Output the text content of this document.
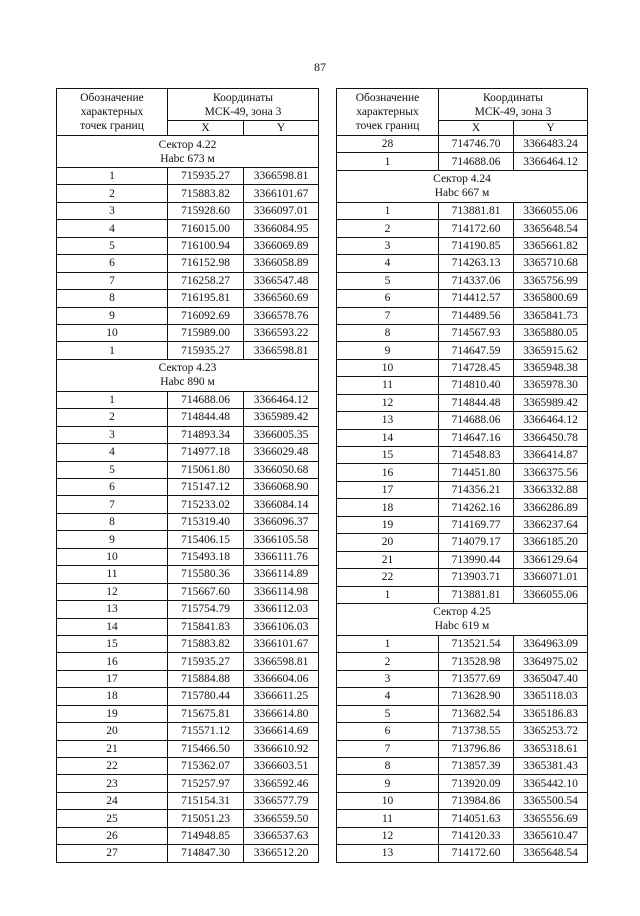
87
Обозначение
характерных
точек границ	Координаты
МСК-49, зона 3	
	X	Y
Сектор 4.22
Нabc 673 м		
1	715935.27	3366598.81
2	715883.82	3366101.67
3	715928.60	3366097.01
4	716015.00	3366084.95
5	716100.94	3366069.89
6	716152.98	3366058.89
7	716258.27	3366547.48
8	716195.81	3366560.69
9	716092.69	3366578.76
10	715989.00	3366593.22
1	715935.27	3366598.81
Сектор 4.23
Нabc 890 м		
1	714688.06	3366464.12
2	714844.48	3365989.42
3	714893.34	3366005.35
4	714977.18	3366029.48
5	715061.80	3366050.68
6	715147.12	3366068.90
7	715233.02	3366084.14
8	715319.40	3366096.37
9	715406.15	3366105.58
10	715493.18	3366111.76
11	715580.36	3366114.89
12	715667.60	3366114.98
13	715754.79	3366112.03
14	715841.83	3366106.03
15	715883.82	3366101.67
16	715935.27	3366598.81
17	715884.88	3366604.06
18	715780.44	3366611.25
19	715675.81	3366614.80
20	715571.12	3366614.69
21	715466.50	3366610.92
22	715362.07	3366603.51
23	715257.97	3366592.46
24	715154.31	3366577.79
25	715051.23	3366559.50
26	714948.85	3366537.63
27	714847.30	3366512.20
Обозначение
характерных
точек границ	Координаты
МСК-49, зона 3	
	X	Y
28	714746.70	3366483.24
1	714688.06	3366464.12
Сектор 4.24
Нabc 667 м		
1	713881.81	3366055.06
2	714172.60	3365648.54
3	714190.85	3365661.82
4	714263.13	3365710.68
5	714337.06	3365756.99
6	714412.57	3365800.69
7	714489.56	3365841.73
8	714567.93	3365880.05
9	714647.59	3365915.62
10	714728.45	3365948.38
11	714810.40	3365978.30
12	714844.48	3365989.42
13	714688.06	3366464.12
14	714647.16	3366450.78
15	714548.83	3366414.87
16	714451.80	3366375.56
17	714356.21	3366332.88
18	714262.16	3366286.89
19	714169.77	3366237.64
20	714079.17	3366185.20
21	713990.44	3366129.64
22	713903.71	3366071.01
1	713881.81	3366055.06
Сектор 4.25
Нabc 619 м		
1	713521.54	3364963.09
2	713528.98	3364975.02
3	713577.69	3365047.40
4	713628.90	3365118.03
5	713682.54	3365186.83
6	713738.55	3365253.72
7	713796.86	3365318.61
8	713857.39	3365381.43
9	713920.09	3365442.10
10	713984.86	3365500.54
11	714051.63	3365556.69
12	714120.33	3365610.47
13	714172.60	3365648.54
